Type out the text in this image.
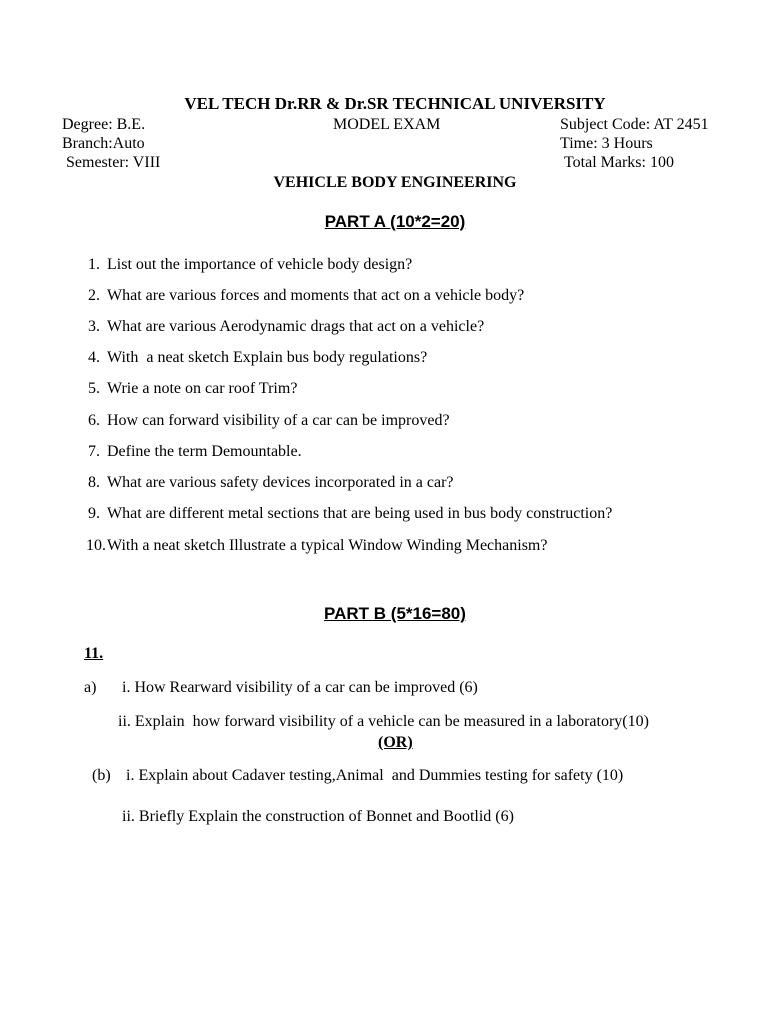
VEL TECH Dr.RR & Dr.SR TECHNICAL UNIVERSITY
Degree: B.E.	MODEL EXAM	Subject Code: AT 2451
Branch:Auto	Time: 3 Hours
Semester: VIII	Total Marks: 100
VEHICLE BODY ENGINEERING
PART A (10*2=20)
1. List out the importance of vehicle body design?
2. What are various forces and moments that act on a vehicle body?
3. What are various Aerodynamic drags that act on a vehicle?
4. With  a neat sketch Explain bus body regulations?
5. Wrie a note on car roof Trim?
6. How can forward visibility of a car can be improved?
7. Define the term Demountable.
8. What are various safety devices incorporated in a car?
9. What are different metal sections that are being used in bus body construction?
10. With a neat sketch Illustrate a typical Window Winding Mechanism?
PART B (5*16=80)
11.
a) i. How Rearward visibility of a car can be improved (6)
ii. Explain  how forward visibility of a vehicle can be measured in a laboratory(10)
(OR)
(b) i. Explain about Cadaver testing,Animal  and Dummies testing for safety (10)
ii. Briefly Explain the construction of Bonnet and Bootlid (6)
